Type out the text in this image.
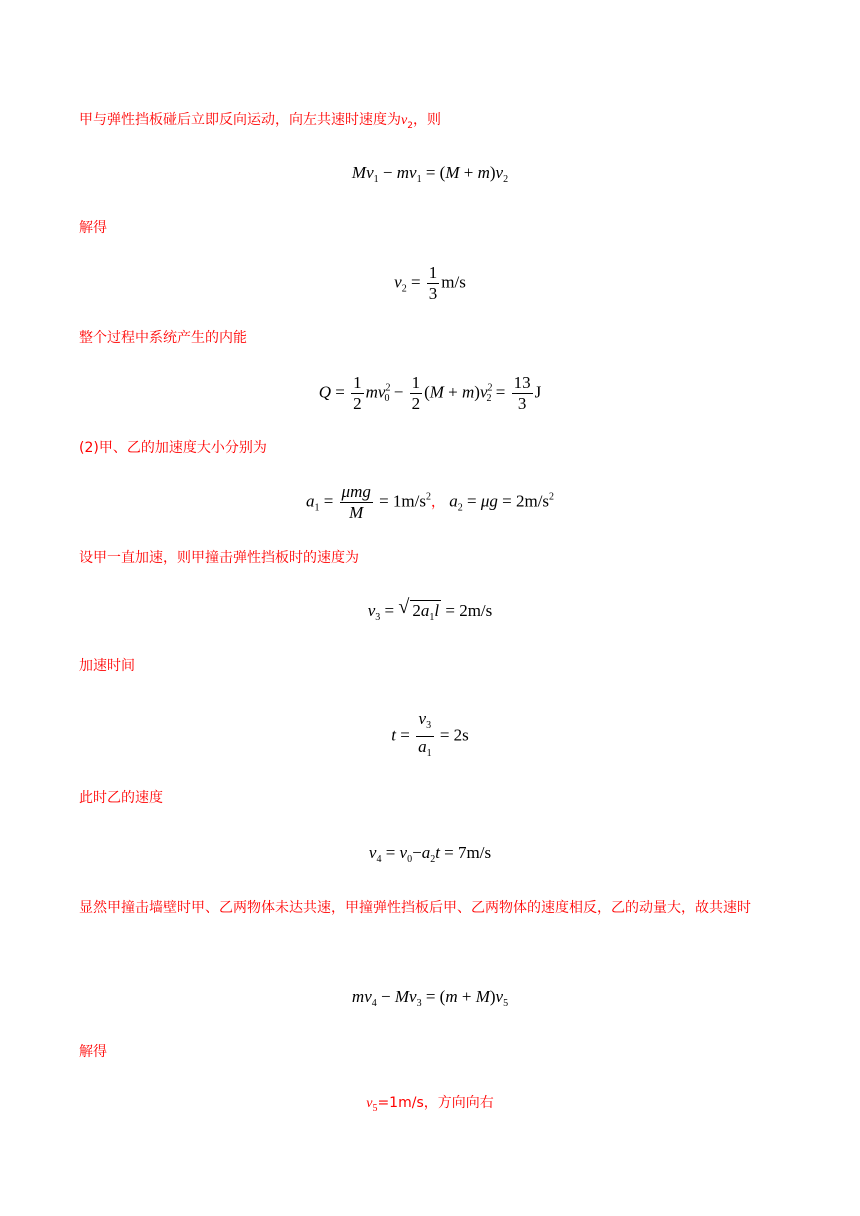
甲与弹性挡板碰后立即反向运动，向左共速时速度为$v_2$，则
$Mv_1 - mv_1 = (M + m)v_2$
解得
$v_2 = \frac{1}{3} m/s$
整个过程中系统产生的内能
$Q = \frac{1}{2} mv^2_0 - \frac{1}{2} (M + m)v^2_2 = \frac{13}{3}$ J
(2)甲、乙的加速度大小分别为
$a_1 = \frac{\text{μmg}}{M} = 1m/s^2$， $a_2 = \mu g = 2m/s^2$
设甲一直加速，则甲撞击弹性挡板时的速度为
$v_3$ = √ $2a_1l = 2m/s$
加速时间
$t = \frac{v_3}{a_1} = 2s$
此时乙的速度
$v_4 = v_0-a_2t = 7m/s$
显然甲撞击墙壁时甲、乙两物体未达共速，甲撞弹性挡板后甲、乙两物体的速度相反，乙的动量大，故共速时
$mv_4 - Mv_3 = (m + M)v_5$
解得
$v_5=1m/s$，方向向右
